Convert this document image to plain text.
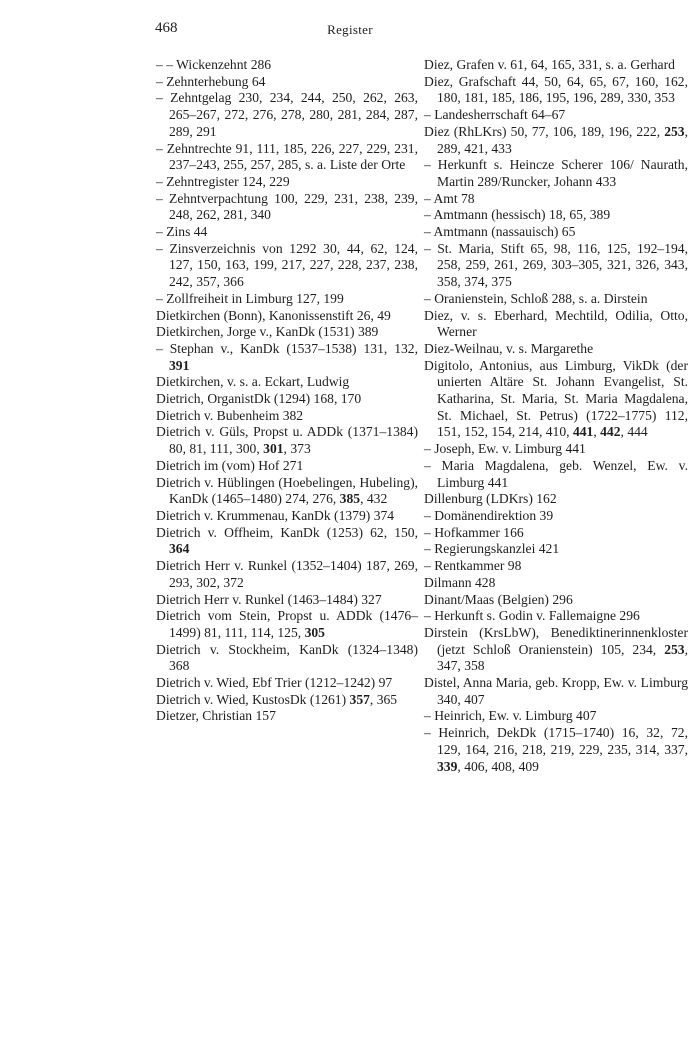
468	Register

– – Wickenzehnt 286

– Zehnterhebung 64

– Zehntgelag 230, 234, 244, 250, 262, 263, 265–267, 272, 276, 278, 280, 281, 284, 287, 289, 291

– Zehntrechte 91, 111, 185, 226, 227, 229, 231, 237–243, 255, 257, 285, s. a. Liste der Orte

– Zehntregister 124, 229

– Zehntverpachtung 100, 229, 231, 238, 239, 248, 262, 281, 340

– Zins 44

– Zinsverzeichnis von 1292 30, 44, 62, 124, 127, 150, 163, 199, 217, 227, 228, 237, 238, 242, 357, 366

– Zollfreiheit in Limburg 127, 199

Dietkirchen (Bonn), Kanonissenstift 26, 49

Dietkirchen, Jorge v., KanDk (1531) 389

– Stephan v., KanDk (1537–1538) 131, 132, 391

Dietkirchen, v. s. a. Eckart, Ludwig

Dietrich, OrganistDk (1294) 168, 170

Dietrich v. Bubenheim 382

Dietrich v. Güls, Propst u. ADDk (1371–1384) 80, 81, 111, 300, 301, 373

Dietrich im (vom) Hof 271

Dietrich v. Hüblingen (Hoebelingen, Hubeling), KanDk (1465–1480) 274, 276, 385, 432

Dietrich v. Krummenau, KanDk (1379) 374

Dietrich v. Offheim, KanDk (1253) 62, 150, 364

Dietrich Herr v. Runkel (1352–1404) 187, 269, 293, 302, 372

Dietrich Herr v. Runkel (1463–1484) 327

Dietrich vom Stein, Propst u. ADDk (1476–1499) 81, 111, 114, 125, 305

Dietrich v. Stockheim, KanDk (1324–1348) 368

Dietrich v. Wied, Ebf Trier (1212–1242) 97

Dietrich v. Wied, KustosDk (1261) 357, 365

Dietzer, Christian 157

Diez, Grafen v. 61, 64, 165, 331, s. a. Gerhard

Diez, Grafschaft 44, 50, 64, 65, 67, 160, 162, 180, 181, 185, 186, 195, 196, 289, 330, 353

– Landesherrschaft 64–67

Diez (RhLKrs) 50, 77, 106, 189, 196, 222, 253, 289, 421, 433

– Herkunft s. Heincze Scherer 106/ Naurath, Martin 289/Runcker, Johann 433

– Amt 78

– Amtmann (hessisch) 18, 65, 389

– Amtmann (nassauisch) 65

– St. Maria, Stift 65, 98, 116, 125, 192–194, 258, 259, 261, 269, 303–305, 321, 326, 343, 358, 374, 375

– Oranienstein, Schloß 288, s. a. Dirstein

Diez, v. s. Eberhard, Mechtild, Odilia, Otto, Werner

Diez-Weilnau, v. s. Margarethe

Digitolo, Antonius, aus Limburg, VikDk (der unierten Altäre St. Johann Evangelist, St. Katharina, St. Maria, St. Maria Magdalena, St. Michael, St. Petrus) (1722–1775) 112, 151, 152, 154, 214, 410, 441, 442, 444

– Joseph, Ew. v. Limburg 441

– Maria Magdalena, geb. Wenzel, Ew. v. Limburg 441

Dillenburg (LDKrs) 162

– Domänendirektion 39

– Hofkammer 166

– Regierungskanzlei 421

– Rentkammer 98

Dilmann 428

Dinant/Maas (Belgien) 296

– Herkunft s. Godin v. Fallemaigne 296

Dirstein (KrsLbW), Benediktinerinnenkloster (jetzt Schloß Oranienstein) 105, 234, 253, 347, 358

Distel, Anna Maria, geb. Kropp, Ew. v. Limburg 340, 407

– Heinrich, Ew. v. Limburg 407

– Heinrich, DekDk (1715–1740) 16, 32, 72, 129, 164, 216, 218, 219, 229, 235, 314, 337, 339, 406, 408, 409
